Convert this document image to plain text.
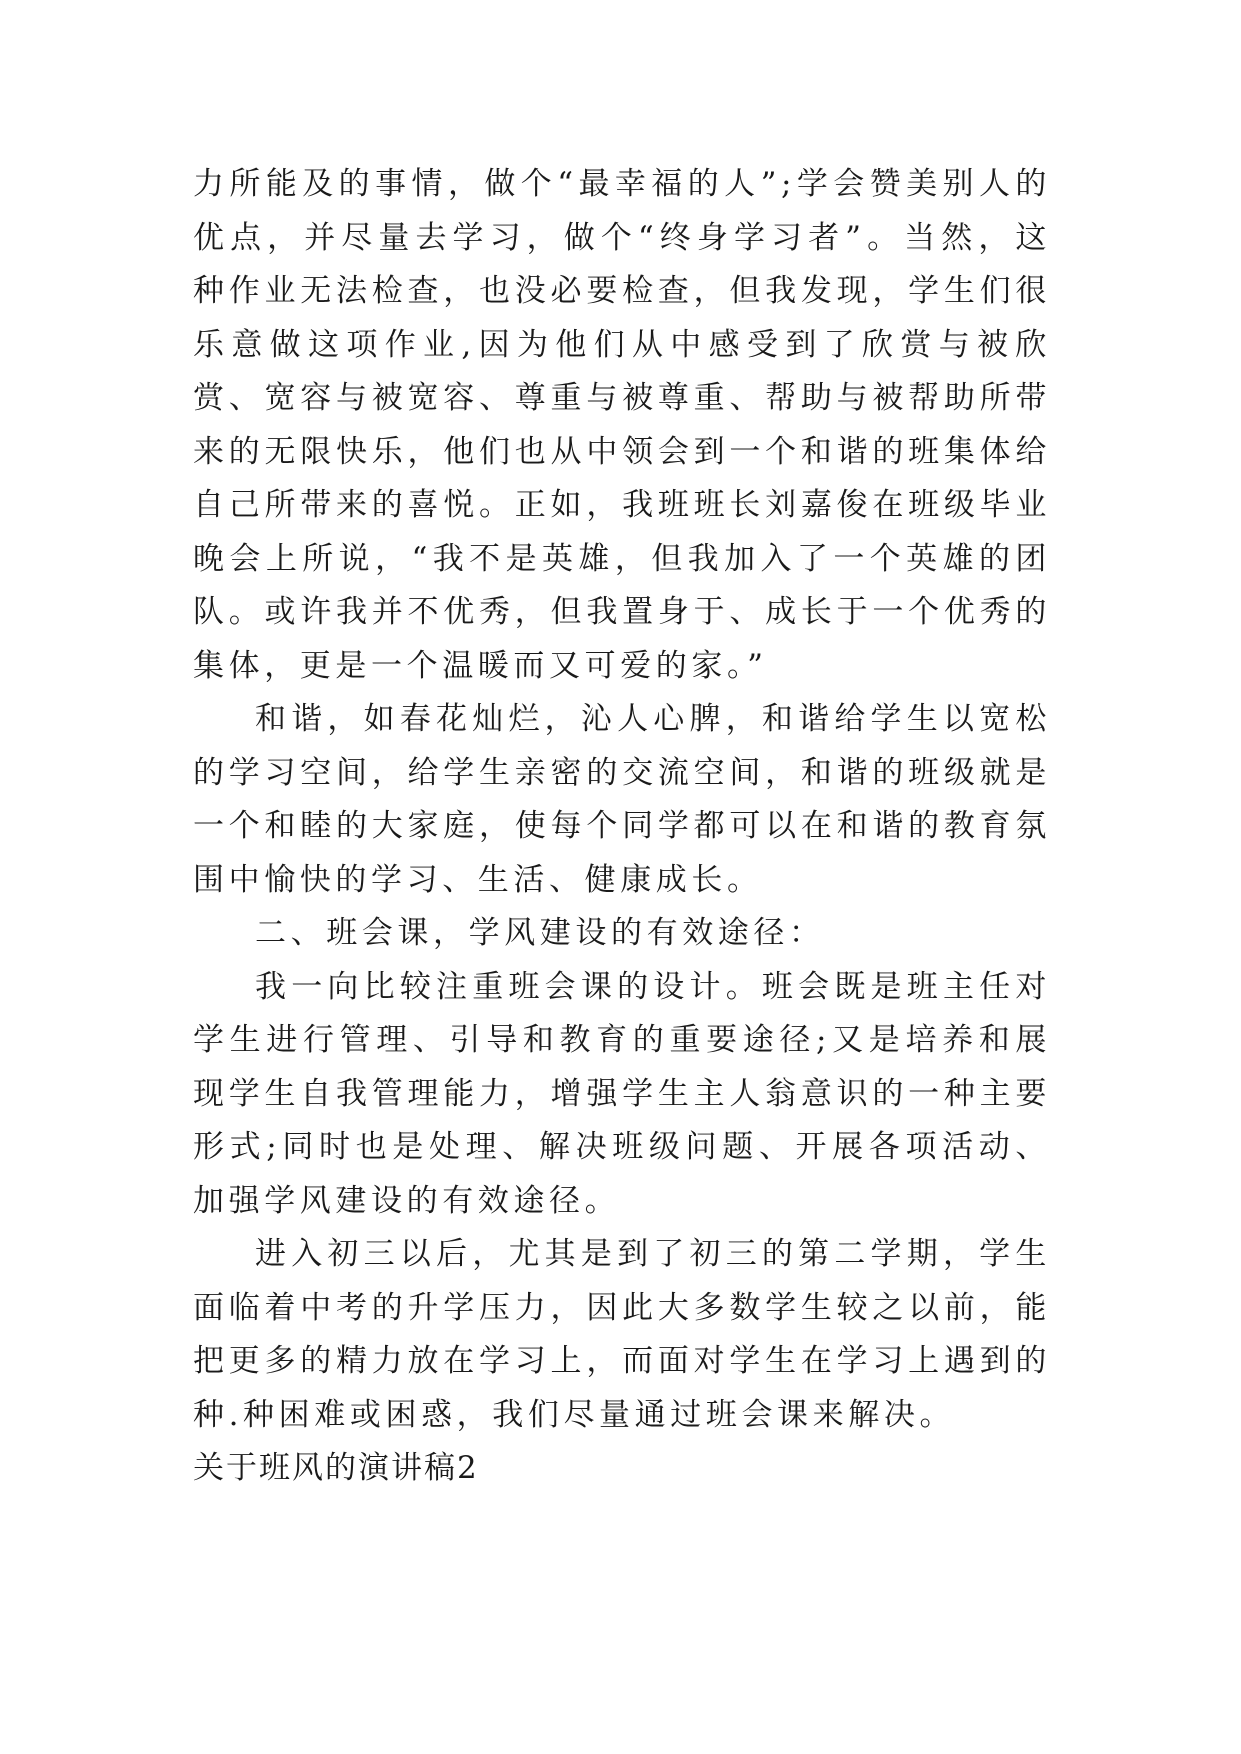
力所能及的事情，做个“最幸福的人”;学会赞美别人的优点，并尽量去学习，做个“终身学习者”。当然，这种作业无法检查，也没必要检查，但我发现，学生们很乐意做这项作业,因为他们从中感受到了欣赏与被欣赏、宽容与被宽容、尊重与被尊重、帮助与被帮助所带来的无限快乐，他们也从中领会到一个和谐的班集体给自己所带来的喜悦。正如，我班班长刘嘉俊在班级毕业晚会上所说，“我不是英雄，但我加入了一个英雄的团队。或许我并不优秀，但我置身于、成长于一个优秀的集体，更是一个温暖而又可爱的家。”

和谐，如春花灿烂，沁人心脾，和谐给学生以宽松的学习空间，给学生亲密的交流空间，和谐的班级就是一个和睦的大家庭，使每个同学都可以在和谐的教育氛围中愉快的学习、生活、健康成长。

二、班会课，学风建设的有效途径：

我一向比较注重班会课的设计。班会既是班主任对学生进行管理、引导和教育的重要途径;又是培养和展现学生自我管理能力，增强学生主人翁意识的一种主要形式;同时也是处理、解决班级问题、开展各项活动、加强学风建设的有效途径。

进入初三以后，尤其是到了初三的第二学期，学生面临着中考的升学压力，因此大多数学生较之以前，能把更多的精力放在学习上，而面对学生在学习上遇到的种.种困难或困惑，我们尽量通过班会课来解决。

关于班风的演讲稿2
